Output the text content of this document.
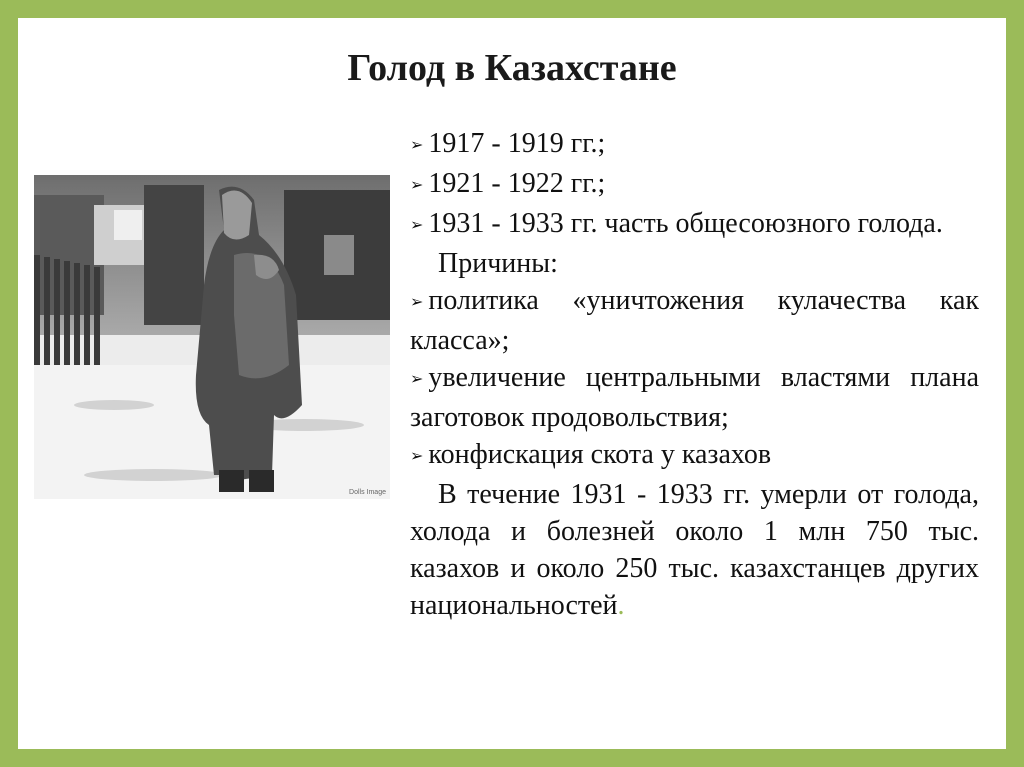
Голод в Казахстане
Dolls Image
➢ 1917 - 1919 гг.;
➢ 1921 - 1922 гг.;
➢ 1931 - 1933 гг. часть общесоюзного голода.
Причины:
➢ политика «уничтожения кулачества как класса»;
➢ увеличение центральными властями плана заготовок продовольствия;
➢ конфискация скота у казахов
В течение 1931 - 1933 гг. умерли от голода, холода и болезней около 1 млн 750 тыс. казахов и около 250 тыс. казахстанцев других национальностей.
